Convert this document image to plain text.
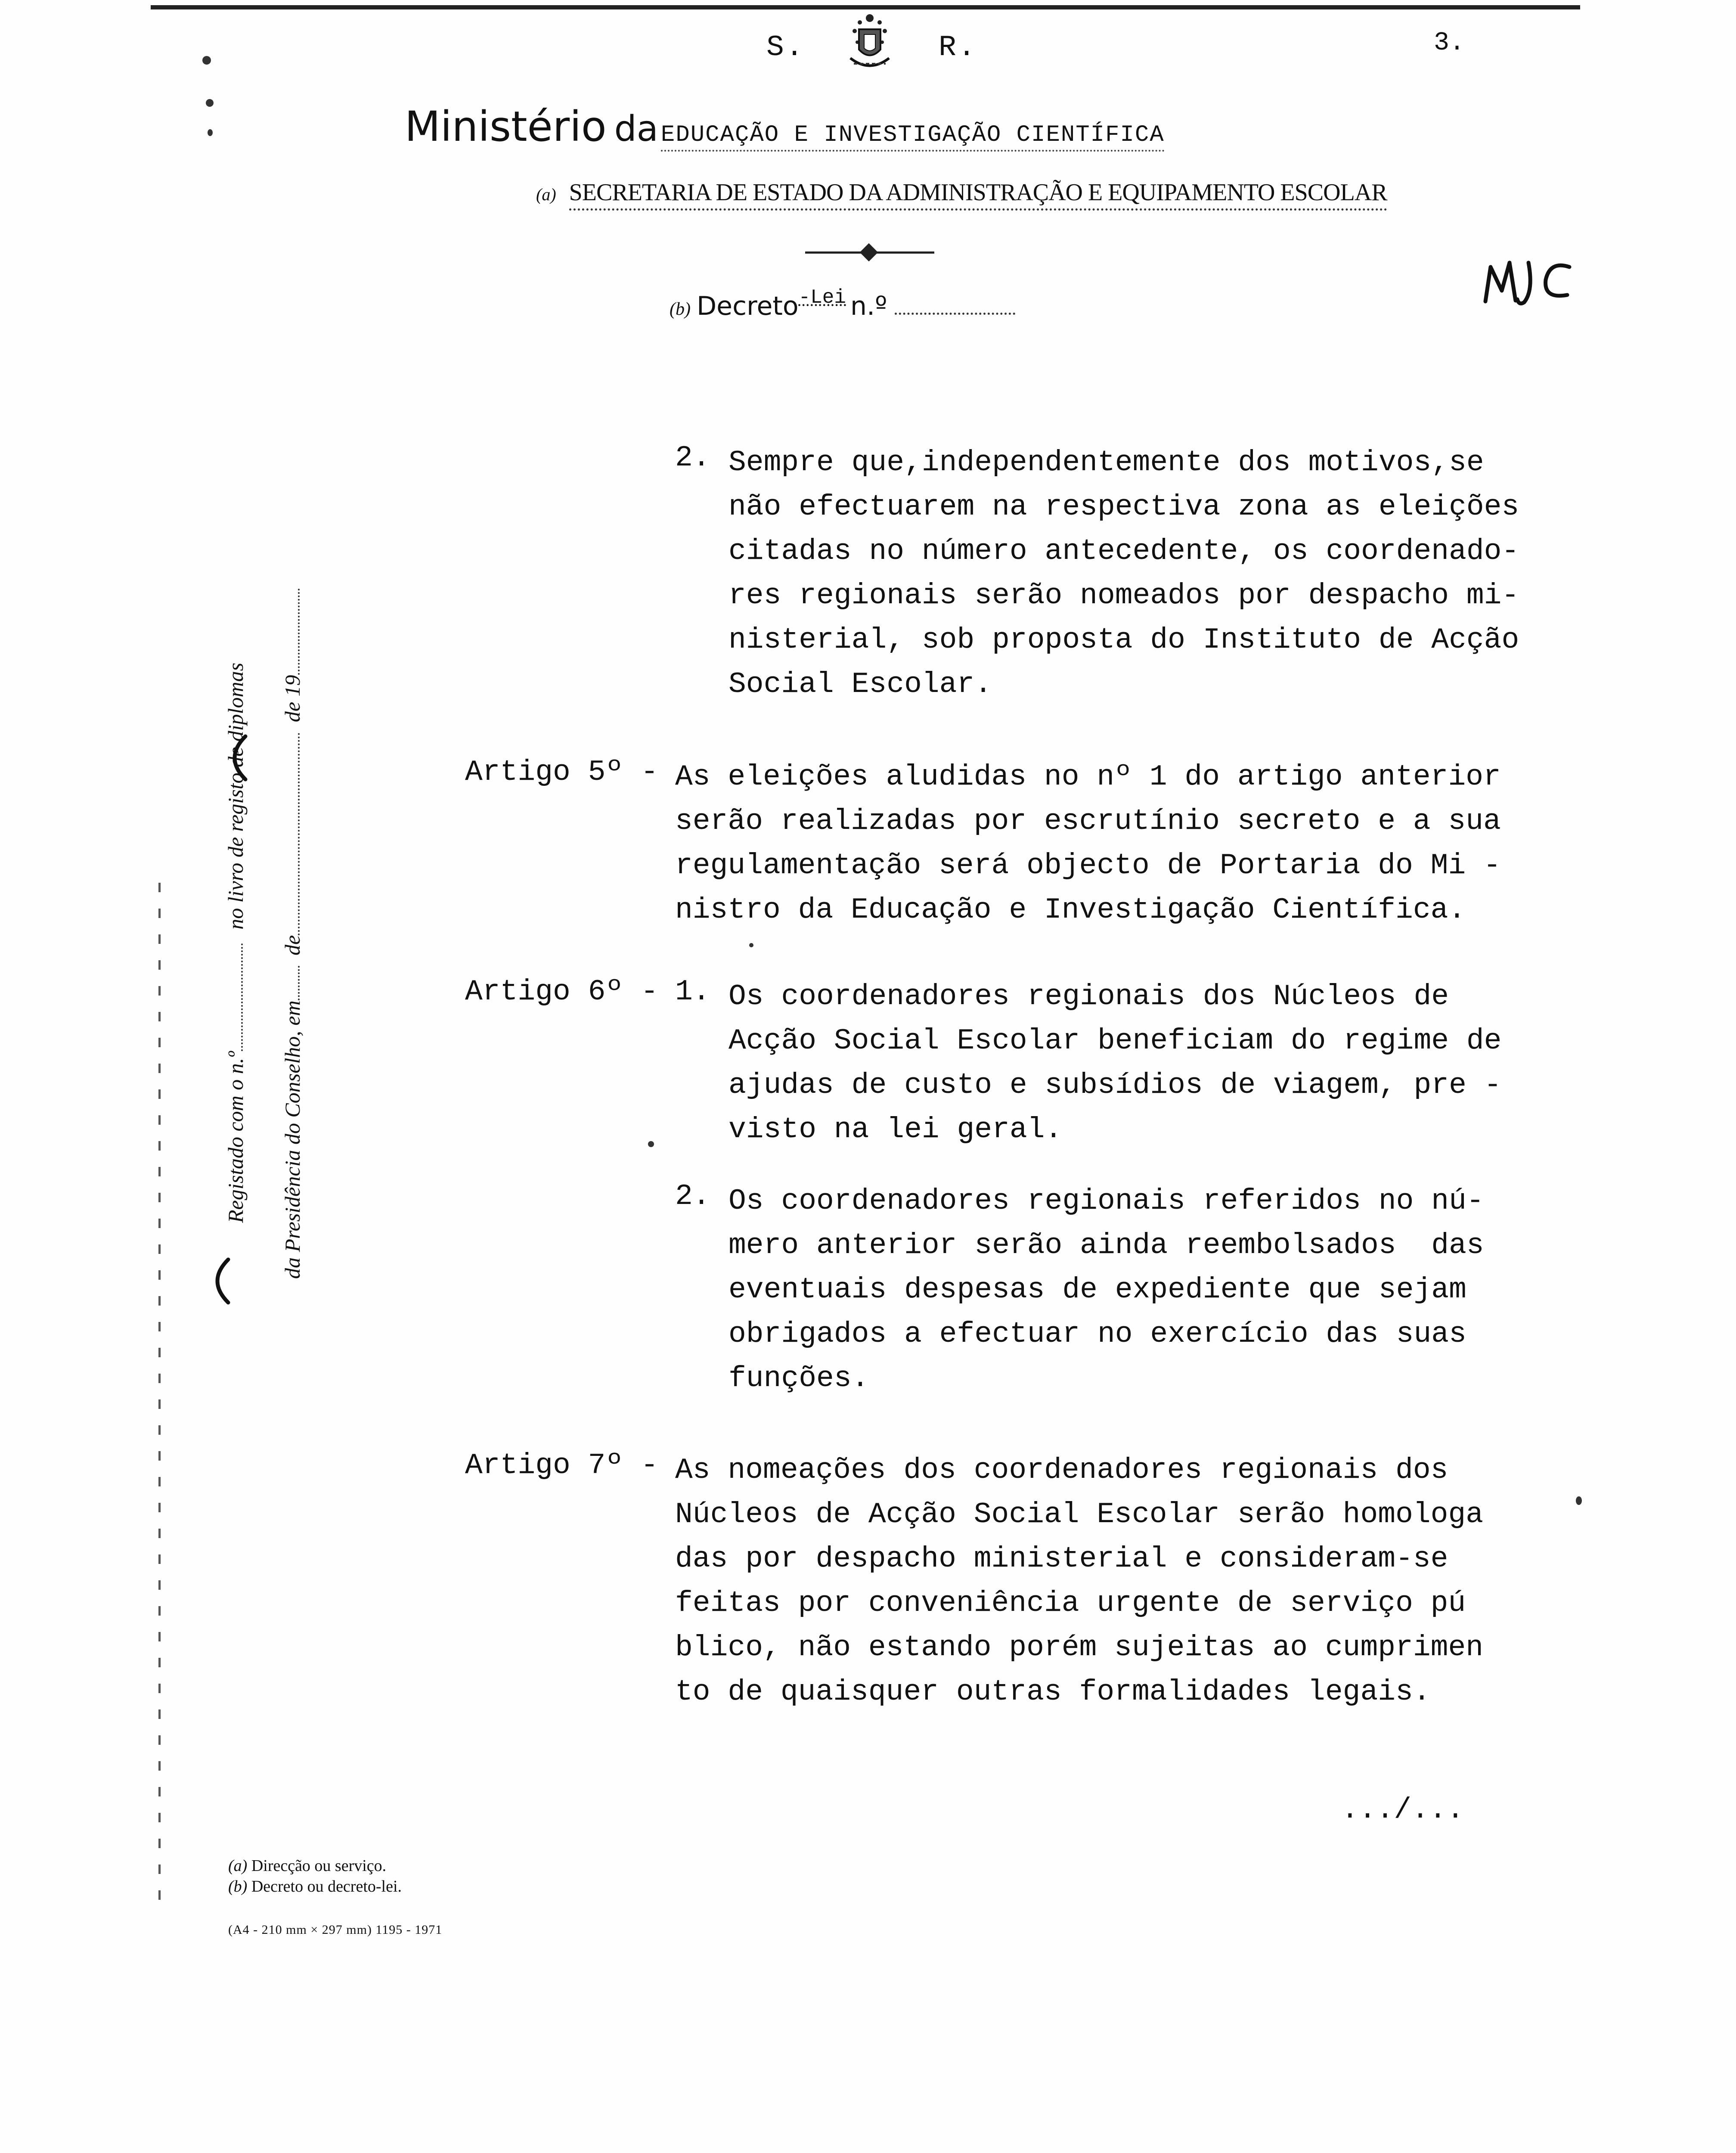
S.	R.	3.
Ministério da EDUCAÇÃO E INVESTIGAÇÃO CIENTÍFICA
(a) SECRETARIA DE ESTADO DA ADMINISTRAÇÃO E EQUIPAMENTO ESCOLAR
(b) Decreto$^{-Lei}$ n.º
2. Sempre que,independentemente dos motivos,se
não efectuarem na respectiva zona as eleições
citadas no número antecedente, os coordenado-
res regionais serão nomeados por despacho mi-
nisterial, sob proposta do Instituto de Acção
Social Escolar.
Artigo 5º -
As eleições aludidas no nº 1 do artigo anterior
serão realizadas por escrutínio secreto e a sua
regulamentação será objecto de Portaria do Mi -
nistro da Educação e Investigação Científica.
Artigo 6º -
1. Os coordenadores regionais dos Núcleos de
Acção Social Escolar beneficiam do regime de
ajudas de custo e subsídios de viagem, pre -
visto na lei geral.
2. Os coordenadores regionais referidos no nú-
mero anterior serão ainda reembolsados  das
eventuais despesas de expediente que sejam
obrigados a efectuar no exercício das suas
funções.
Artigo 7º -
As nomeações dos coordenadores regionais dos
Núcleos de Acção Social Escolar serão homologa
das por despacho ministerial e consideram-se
feitas por conveniência urgente de serviço pú
blico, não estando porém sujeitas ao cumprimen
to de quaisquer outras formalidades legais.
.../...
Registado com o n.º no livro de registo de diplomas
da Presidência do Conselho, em de de 19
(a) Direcção ou serviço.
(b) Decreto ou decreto-lei.
(A4 - 210 mm × 297 mm) 1195 - 1971
